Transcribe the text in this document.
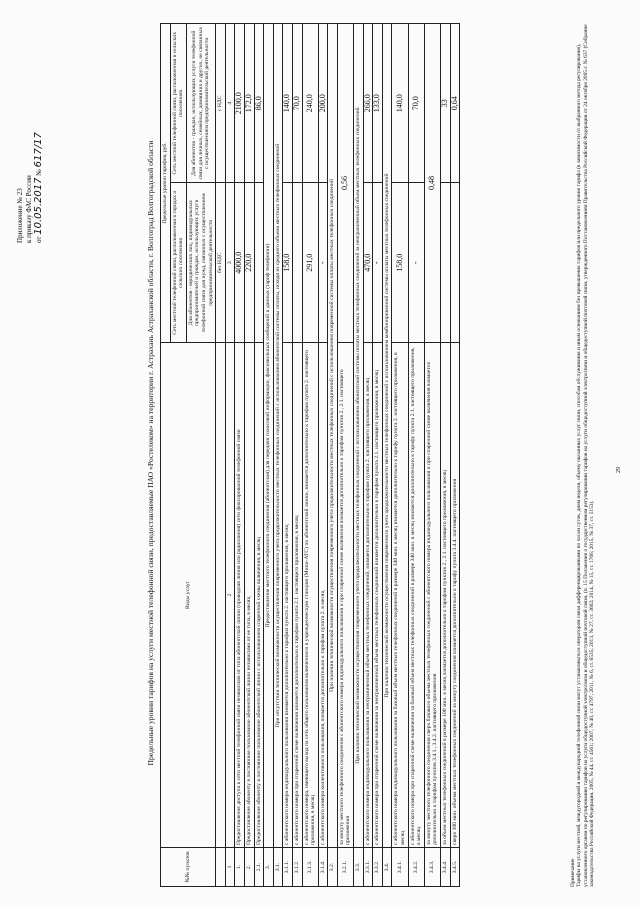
Приложение № 23 к приказу ФАС России от 10.05.2017 № 617/17	Предельные уровни тарифов на услуги местной телефонной связи, предоставляемые ПАО «Ростелеком» на территории г. Астрахань Астраханской области, г. Волгоград Волгоградской области
№№ пунктов	Виды услуг	Предельные уровни тарифов, руб.	
		Сеть местной телефонной связи, расположенная в городах и сельских поселениях	Сеть местной телефонной связи, расположенная в сельских поселениях
		Для абонентов - юридических лиц, индивидуальных предпринимателей и граждан, использующих услуги телефонной связи для нужд, связанных с осуществлением предпринимательской деятельности	Для абонентов - граждан, использующих услуги телефонной связи для личных, семейных, домашних и других, не связанных с осуществлением предпринимательской деятельности
		без НДС	с НДС
1	2	3	4
1.	Предоставление доступа к сети местной телефонной связи независимо от типа абонентской линии (проводная линия или радиолиния) сети фиксированной телефонной связи	4000,0	2100,0
2.	Предоставление абоненту в постоянное пользование абонентской линии независимо от ее типа, в месяц	220,0	172,0
2.1.	Предоставление абоненту в постоянное пользование абонентской линии с использованием спаренной схемы включения, в месяц		86,0
3.	Предоставление местного телефонного соединения (абонентская) для передачи голосовой информации, факсимильных сообщений и данных (тариф телефонии)		
3.1.	При отсутствии технической возможности осуществления повременного учета продолжительности местных телефонных соединений с использованием абонентской системы оплаты, исходя из среднего объема местных телефонных соединений		
3.1.1.	с абонентского номера индивидуального пользования взимается дополнительно к тарифам пункта 2. настоящего приложения, в месяц	158,0	140,0
3.1.2.	с абонентского номера при спаренной схеме включения взимается дополнительно к тарифам пункта 2.1. настоящего приложения, в месяц		70,0
3.1.3.	с абонентского номера, имеющего выход на сеть общего пользования включенного в учрежденческую станцию (Мини-АТС) по абонентской линии, взимается дополнительно к тарифам пункта 2. настоящего приложения, в месяц	291,0	240,0
3.1.4.	с абонентского номера коллективного пользования, взимается дополнительно к тарифам пункта 2. в месяц	-	200,0
3.2.	При наличии технической возможности осуществления повременного учета продолжительности местных телефонных соединений с использованием повременной системы оплаты местных телефонных соединений		
3.2.1.	за минуту местного телефонного соединения с абонентского номера индивидуального пользования и при спаренной схеме включения взимается дополнительно к тарифам пунктов 2., 2.1. настоящего приложения	0,56	
3.3.	При наличии технической возможности осуществления повременного учета продолжительности местных телефонных соединений с использованием абонентской системы оплаты местных телефонных соединений за неограниченный объем местных телефонных соединений		
3.3.1.	с абонентского номера индивидуального пользования за неограниченный объем местных телефонных соединений, взимается дополнительно к тарифам пункта 2. настоящего приложения, в месяц	470,0	266,0
3.3.2.	с абонентского номера при спаренной схеме включения за неограниченный объем местных телефонных соединений взимается дополнительно к тарифам пункта 2.1. настоящего приложения, в месяц	-	133,0
3.4.	При наличии технической возможности осуществления повременного учета продолжительности местных телефонных соединений с использованием комбинированной системы оплаты местных телефонных соединений		
3.4.1.	с абонентского номера индивидуального пользования за базовый объем местных телефонных соединений в размере 340 мин. в месяц взимается дополнительно к тарифу пункта 2. настоящего приложения, в месяц	158,0	140,0
3.4.2.	с абонентского номера при спаренной схеме включения за базовый объем местных телефонных соединений в размере 340 мин. в месяц взимается дополнительно к тарифу пункта 2.1. настоящего приложения, в месяц	-	70,0
3.4.3.	за минуту местного телефонного соединения сверх базового объема местных телефонных соединений с абонентского номера индивидуального пользования и при спаренной схеме включения взимается дополнительно к тарифам пунктов 3.4.1., 3.4.2. настоящего приложения	0,48	
3.4.4.	за объем местных телефонных соединений в размере 100 мин. в месяц взимается дополнительно к тарифам пунктов 2., 2.1. настоящего приложения, в месяц		33
3.4.5.	сверх 100 мин. объема местных телефонных соединений за минуту соединения взимается дополнительно к тарифу пункта 3.4.4. настоящего приложения		0,64
Примечание Тарифы на услуги местной, междугородной и международной телефонной связи могут устанавливаться оператором связи дифференцированными по часам суток, дням недели, объему оказанных услуг связи, способам обслуживания и иным основаниям без превышения тарифов или предельного уровня тарифа (в зависимости от выбранного метода регулирования), установленного органом по регулированию тарифов на услуги общедоступной электросвязи и общедоступной почтовой связи, (п. 15 Положения о государственном регулировании тарифов на услуги общедоступной электросвязи и общедоступной почтовой связи, утвержденного Постановлением Правительства Российской Федерации от 24 октября 2005 г. № 637 (Собрание законодательства Российской Федерации, 2005, № 44, ст. 4561; 2007, № 40, ст. 4797; 2011, № 6, ст. 6535; 2013, № 27, ст. 3602; 2014, № 15, ст. 1766; 2015, № 37, ст. 5153).
29
